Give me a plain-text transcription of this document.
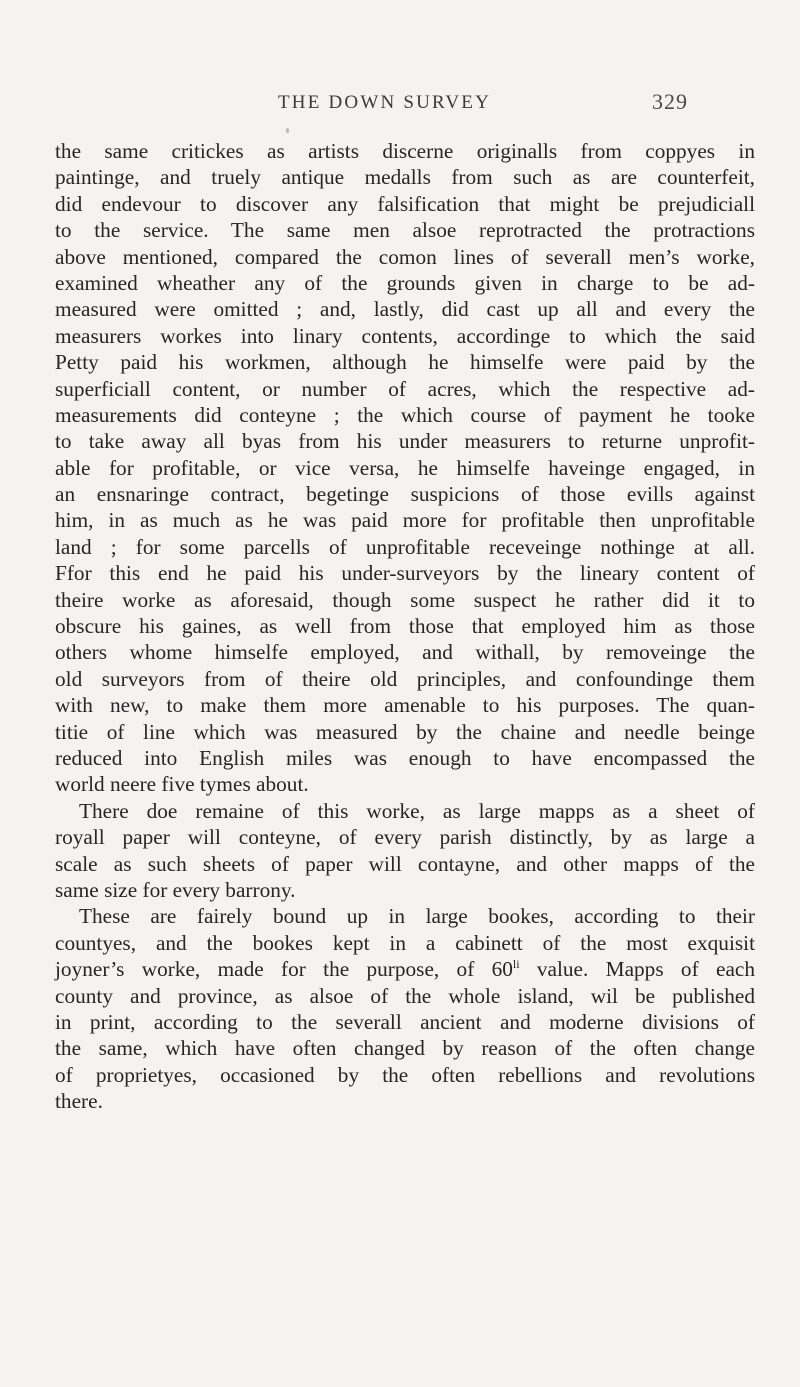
THE DOWN SURVEY	329
the same critickes as artists discerne originalls from coppyes in
paintinge, and truely antique medalls from such as are counterfeit,
did endevour to discover any falsification that might be prejudiciall
to the service. The same men alsoe reprotracted the protractions
above mentioned, compared the comon lines of severall men’s worke,
examined wheather any of the grounds given in charge to be ad-
measured were omitted ; and, lastly, did cast up all and every the
measurers workes into linary contents, accordinge to which the said
Petty paid his workmen, although he himselfe were paid by the
superficiall content, or number of acres, which the respective ad-
measurements did conteyne ; the which course of payment he tooke
to take away all byas from his under measurers to returne unprofit-
able for profitable, or vice versa, he himselfe haveinge engaged, in
an ensnaringe contract, begetinge suspicions of those evills against
him, in as much as he was paid more for profitable then unprofitable
land ; for some parcells of unprofitable receveinge nothinge at all.
Ffor this end he paid his under-surveyors by the lineary content of
theire worke as aforesaid, though some suspect he rather did it to
obscure his gaines, as well from those that employed him as those
others whome himselfe employed, and withall, by removeinge the
old surveyors from of theire old principles, and confoundinge them
with new, to make them more amenable to his purposes. The quan-
titie of line which was measured by the chaine and needle beinge
reduced into English miles was enough to have encompassed the
world neere five tymes about.
There doe remaine of this worke, as large mapps as a sheet of
royall paper will conteyne, of every parish distinctly, by as large a
scale as such sheets of paper will contayne, and other mapps of the
same size for every barrony.
These are fairely bound up in large bookes, according to their
countyes, and the bookes kept in a cabinett of the most exquisit
joyner’s worke, made for the purpose, of $60^{li}$ value. Mapps of each
county and province, as alsoe of the whole island, wil be published
in print, according to the severall ancient and moderne divisions of
the same, which have often changed by reason of the often change
of proprietyes, occasioned by the often rebellions and revolutions
there.
